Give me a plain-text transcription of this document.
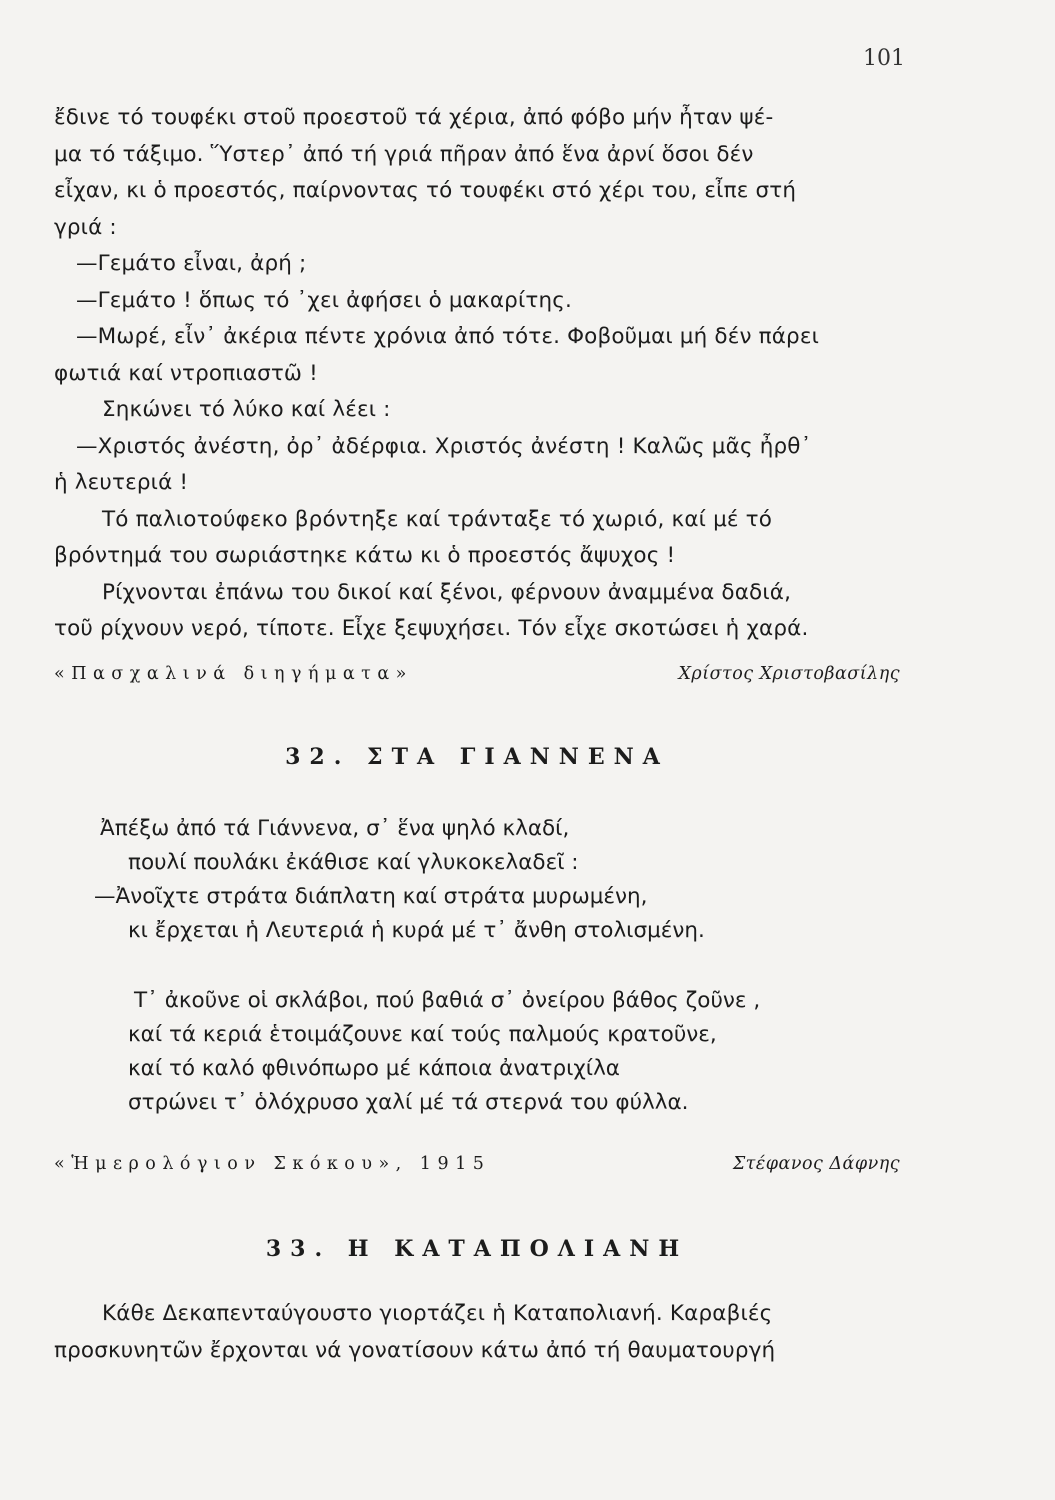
101

ἔδινε τό τουφέκι στοῦ προεστοῦ τά χέρια, ἀπό φόβο μήν ἦταν ψέ-

μα τό τάξιμο. Ὕστερ᾽ ἀπό τή γριά πῆραν ἀπό ἕνα ἀρνί ὅσοι δέν

εἶχαν, κι ὁ προεστός, παίρνοντας τό τουφέκι στό χέρι του, εἶπε στή

γριά :

—Γεμάτο εἶναι, ἀρή ;

—Γεμάτο ! ὅπως τό ᾽χει ἀφήσει ὁ μακαρίτης.

—Μωρέ, εἶν᾽ ἀκέρια πέντε χρόνια ἀπό τότε. Φοβοῦμαι μή δέν πάρει

φωτιά καί ντροπιαστῶ !

Σηκώνει τό λύκο καί λέει :

—Χριστός ἀνέστη, ὀρ᾽ ἀδέρφια. Χριστός ἀνέστη ! Καλῶς μᾶς ἦρθ᾽

ἡ λευτεριά !

Τό παλιοτούφεκο βρόντηξε καί τράνταξε τό χωριό, καί μέ τό

βρόντημά του σωριάστηκε κάτω κι ὁ προεστός ἄψυχος !

Ρίχνονται ἐπάνω του δικοί καί ξένοι, φέρνουν ἀναμμένα δαδιά,

τοῦ ρίχνουν νερό, τίποτε. Εἶχε ξεψυχήσει. Τόν εἶχε σκοτώσει ἡ χαρά.

«Πασχαλινά διηγήματα»	Χρίστος Χριστοβασίλης
32. ΣΤΑ ΓΙΑΝΝΕΝΑ

Ἀπέξω ἀπό τά Γιάννενα, σ᾽ ἕνα ψηλό κλαδί,

πουλί πουλάκι ἐκάθισε καί γλυκοκελαδεῖ :

—Ἀνοῖχτε στράτα διάπλατη καί στράτα μυρωμένη,

κι ἔρχεται ἡ Λευτεριά ἡ κυρά μέ τ᾽ ἄνθη στολισμένη.

Τ᾽ ἀκοῦνε οἱ σκλάβοι, πού βαθιά σ᾽ ὀνείρου βάθος ζοῦνε ,

καί τά κεριά ἑτοιμάζουνε καί τούς παλμούς κρατοῦνε,

καί τό καλό φθινόπωρο μέ κάποια ἀνατριχίλα

στρώνει τ᾽ ὁλόχρυσο χαλί μέ τά στερνά του φύλλα.

«Ἡμερολόγιον Σκόκου», 1915	Στέφανος Δάφνης
33. Η ΚΑΤΑΠΟΛΙΑΝΗ

Κάθε Δεκαπενταύγουστο γιορτάζει ἡ Καταπολιανή. Καραβιές

προσκυνητῶν ἔρχονται νά γονατίσουν κάτω ἀπό τή θαυματουργή
